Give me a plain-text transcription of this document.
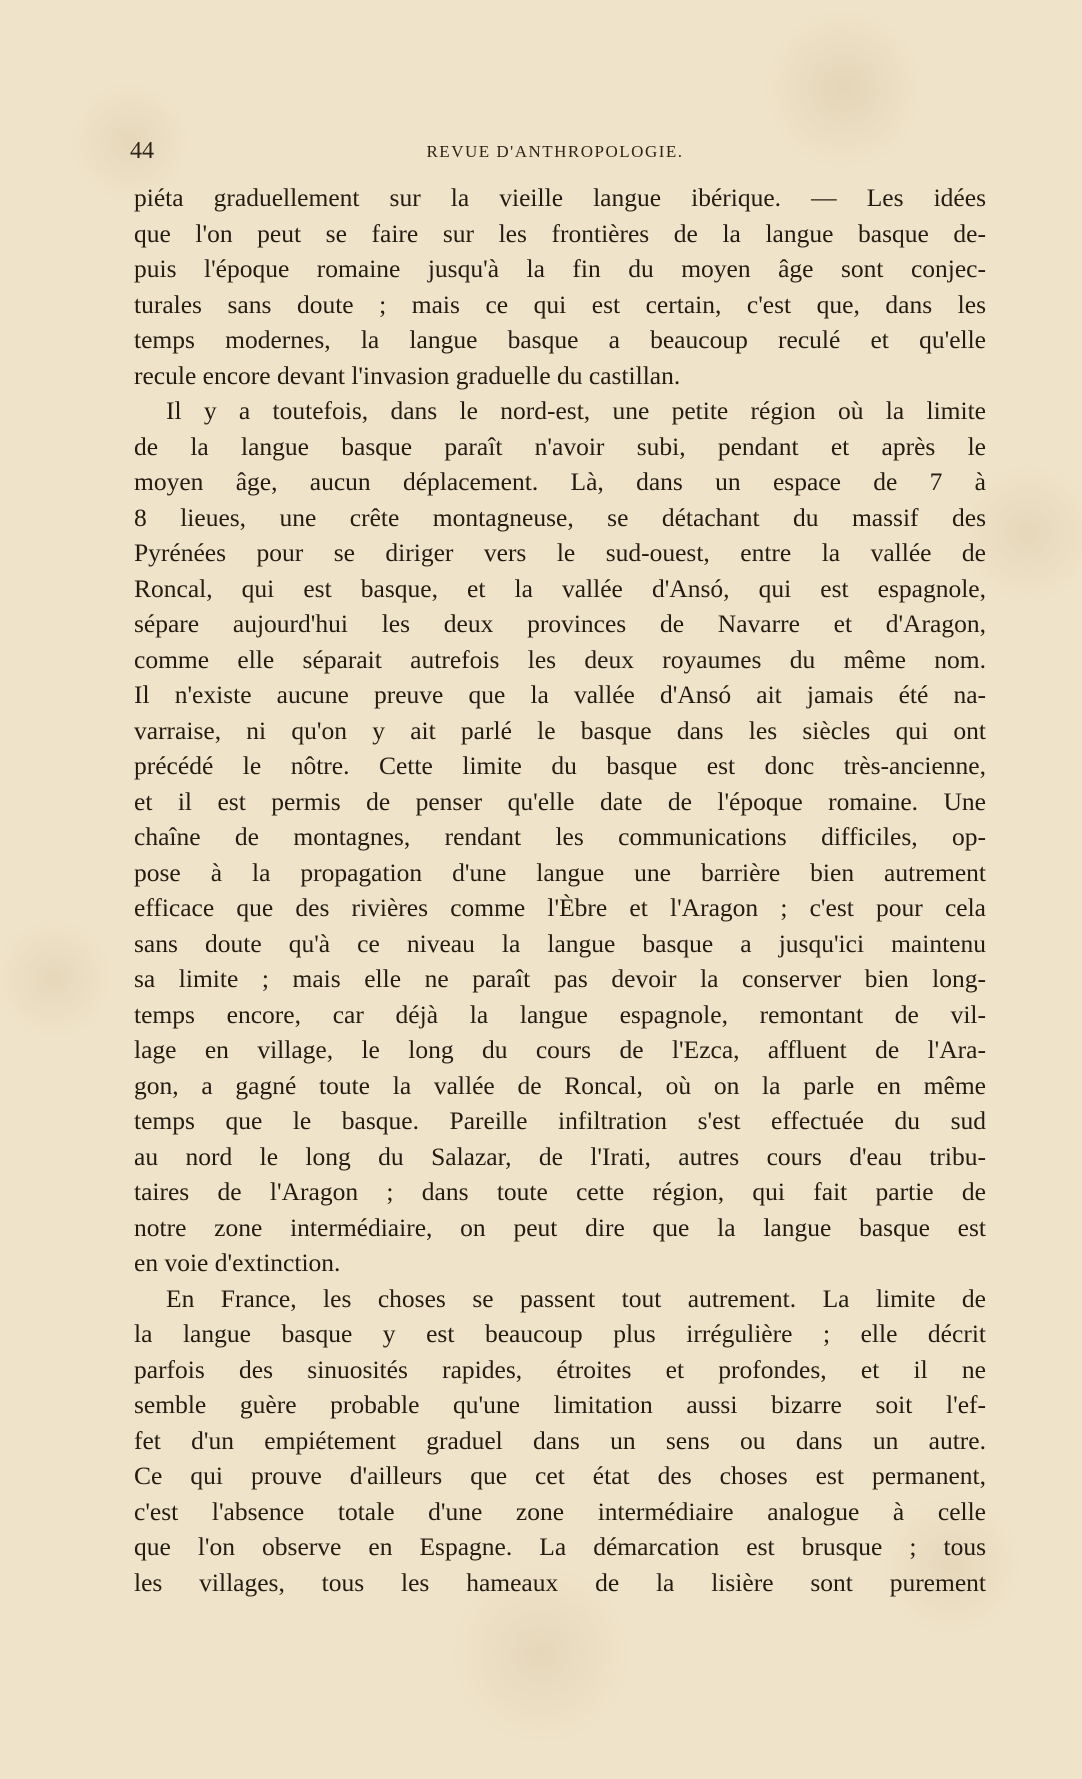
44	REVUE D'ANTHROPOLOGIE.

piéta graduellement sur la vieille langue ibérique. — Les idées
que l'on peut se faire sur les frontières de la langue basque de-
puis l'époque romaine jusqu'à la fin du moyen âge sont conjec-
turales sans doute ; mais ce qui est certain, c'est que, dans les
temps modernes, la langue basque a beaucoup reculé et qu'elle
recule encore devant l'invasion graduelle du castillan.

Il y a toutefois, dans le nord-est, une petite région où la limite
de la langue basque paraît n'avoir subi, pendant et après le
moyen âge, aucun déplacement. Là, dans un espace de 7 à
8 lieues, une crête montagneuse, se détachant du massif des
Pyrénées pour se diriger vers le sud-ouest, entre la vallée de
Roncal, qui est basque, et la vallée d'Ansó, qui est espagnole,
sépare aujourd'hui les deux provinces de Navarre et d'Aragon,
comme elle séparait autrefois les deux royaumes du même nom.
Il n'existe aucune preuve que la vallée d'Ansó ait jamais été na-
varraise, ni qu'on y ait parlé le basque dans les siècles qui ont
précédé le nôtre. Cette limite du basque est donc très-ancienne,
et il est permis de penser qu'elle date de l'époque romaine. Une
chaîne de montagnes, rendant les communications difficiles, op-
pose à la propagation d'une langue une barrière bien autrement
efficace que des rivières comme l'Èbre et l'Aragon ; c'est pour cela
sans doute qu'à ce niveau la langue basque a jusqu'ici maintenu
sa limite ; mais elle ne paraît pas devoir la conserver bien long-
temps encore, car déjà la langue espagnole, remontant de vil-
lage en village, le long du cours de l'Ezca, affluent de l'Ara-
gon, a gagné toute la vallée de Roncal, où on la parle en même
temps que le basque. Pareille infiltration s'est effectuée du sud
au nord le long du Salazar, de l'Irati, autres cours d'eau tribu-
taires de l'Aragon ; dans toute cette région, qui fait partie de
notre zone intermédiaire, on peut dire que la langue basque est
en voie d'extinction.

En France, les choses se passent tout autrement. La limite de
la langue basque y est beaucoup plus irrégulière ; elle décrit
parfois des sinuosités rapides, étroites et profondes, et il ne
semble guère probable qu'une limitation aussi bizarre soit l'ef-
fet d'un empiétement graduel dans un sens ou dans un autre.
Ce qui prouve d'ailleurs que cet état des choses est permanent,
c'est l'absence totale d'une zone intermédiaire analogue à celle
que l'on observe en Espagne. La démarcation est brusque ; tous
les villages, tous les hameaux de la lisière sont purement
